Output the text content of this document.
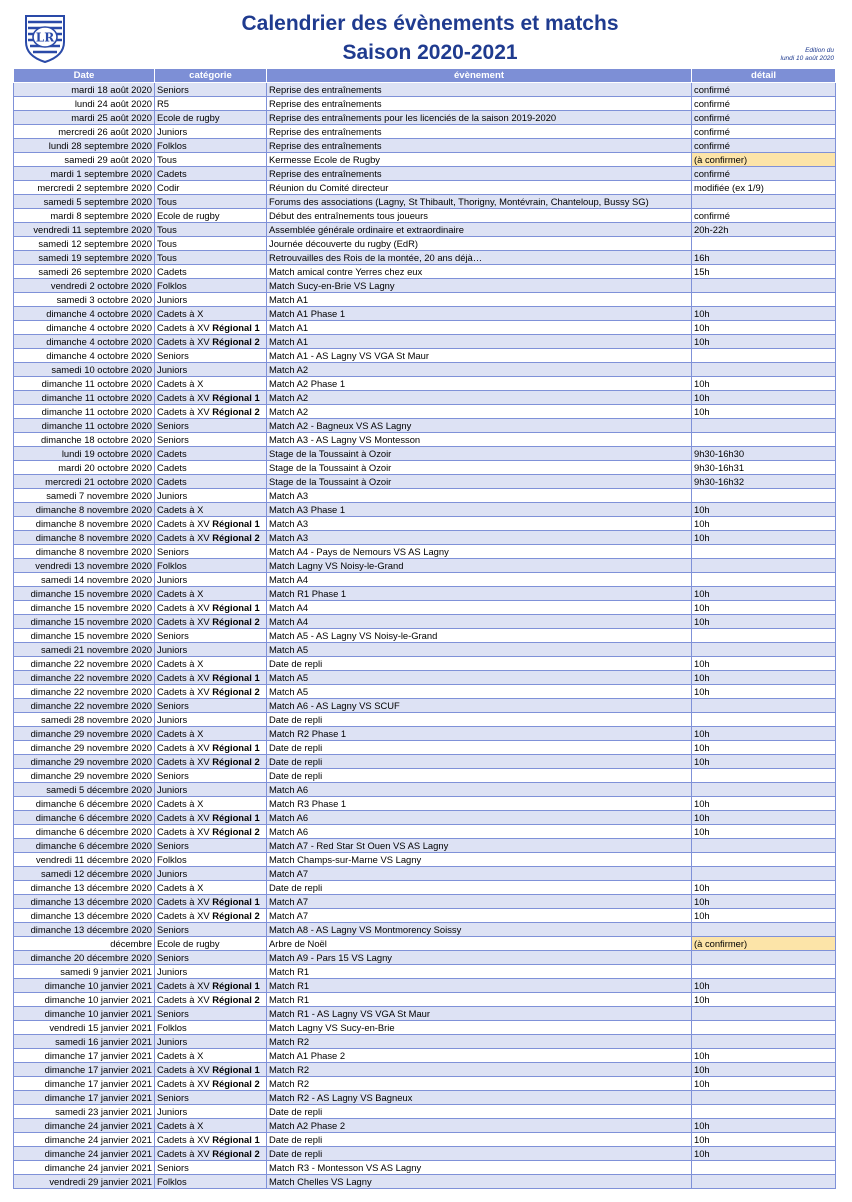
LR
Calendrier des évènements et matchs
Saison 2020-2021	Edition du
lundi 10 août 2020
Date	catégorie	évènement	détail
mardi 18 août 2020	Seniors	Reprise des entraînements	confirmé
lundi 24 août 2020	R5	Reprise des entraînements	confirmé
mardi 25 août 2020	Ecole de rugby	Reprise des entraînements pour les licenciés de la saison 2019-2020	confirmé
mercredi 26 août 2020	Juniors	Reprise des entraînements	confirmé
lundi 28 septembre 2020	Folklos	Reprise des entraînements	confirmé
samedi 29 août 2020	Tous	Kermesse Ecole de Rugby	(à confirmer)
mardi 1 septembre 2020	Cadets	Reprise des entraînements	confirmé
mercredi 2 septembre 2020	Codir	Réunion du Comité directeur	modifiée (ex 1/9)
samedi 5 septembre 2020	Tous	Forums des associations (Lagny, St Thibault, Thorigny, Montévrain, Chanteloup, Bussy SG)	
mardi 8 septembre 2020	Ecole de rugby	Début des entraînements tous joueurs	confirmé
vendredi 11 septembre 2020	Tous	Assemblée générale ordinaire et extraordinaire	20h-22h
samedi 12 septembre 2020	Tous	Journée découverte du rugby (EdR)	
samedi 19 septembre 2020	Tous	Retrouvailles des Rois de la montée, 20 ans déjà…	16h
samedi 26 septembre 2020	Cadets	Match amical contre Yerres chez eux	15h
vendredi 2 octobre 2020	Folklos	Match Sucy-en-Brie VS Lagny	
samedi 3 octobre 2020	Juniors	Match A1	
dimanche 4 octobre 2020	Cadets à X	Match A1 Phase 1	10h
dimanche 4 octobre 2020	Cadets à XV Régional 1	Match A1	10h
dimanche 4 octobre 2020	Cadets à XV Régional 2	Match A1	10h
dimanche 4 octobre 2020	Seniors	Match A1 - AS Lagny VS VGA St Maur	
samedi 10 octobre 2020	Juniors	Match A2	
dimanche 11 octobre 2020	Cadets à X	Match A2 Phase 1	10h
dimanche 11 octobre 2020	Cadets à XV Régional 1	Match A2	10h
dimanche 11 octobre 2020	Cadets à XV Régional 2	Match A2	10h
dimanche 11 octobre 2020	Seniors	Match A2 - Bagneux VS AS Lagny	
dimanche 18 octobre 2020	Seniors	Match A3 - AS Lagny VS Montesson	
lundi 19 octobre 2020	Cadets	Stage de la Toussaint à Ozoir	9h30-16h30
mardi 20 octobre 2020	Cadets	Stage de la Toussaint à Ozoir	9h30-16h31
mercredi 21 octobre 2020	Cadets	Stage de la Toussaint à Ozoir	9h30-16h32
samedi 7 novembre 2020	Juniors	Match A3	
dimanche 8 novembre 2020	Cadets à X	Match A3 Phase 1	10h
dimanche 8 novembre 2020	Cadets à XV Régional 1	Match A3	10h
dimanche 8 novembre 2020	Cadets à XV Régional 2	Match A3	10h
dimanche 8 novembre 2020	Seniors	Match A4 - Pays de Nemours VS AS Lagny	
vendredi 13 novembre 2020	Folklos	Match Lagny VS Noisy-le-Grand	
samedi 14 novembre 2020	Juniors	Match A4	
dimanche 15 novembre 2020	Cadets à X	Match R1 Phase 1	10h
dimanche 15 novembre 2020	Cadets à XV Régional 1	Match A4	10h
dimanche 15 novembre 2020	Cadets à XV Régional 2	Match A4	10h
dimanche 15 novembre 2020	Seniors	Match A5 - AS Lagny VS Noisy-le-Grand	
samedi 21 novembre 2020	Juniors	Match A5	
dimanche 22 novembre 2020	Cadets à X	Date de repli	10h
dimanche 22 novembre 2020	Cadets à XV Régional 1	Match A5	10h
dimanche 22 novembre 2020	Cadets à XV Régional 2	Match A5	10h
dimanche 22 novembre 2020	Seniors	Match A6 - AS Lagny VS SCUF	
samedi 28 novembre 2020	Juniors	Date de repli	
dimanche 29 novembre 2020	Cadets à X	Match R2 Phase 1	10h
dimanche 29 novembre 2020	Cadets à XV Régional 1	Date de repli	10h
dimanche 29 novembre 2020	Cadets à XV Régional 2	Date de repli	10h
dimanche 29 novembre 2020	Seniors	Date de repli	
samedi 5 décembre 2020	Juniors	Match A6	
dimanche 6 décembre 2020	Cadets à X	Match R3 Phase 1	10h
dimanche 6 décembre 2020	Cadets à XV Régional 1	Match A6	10h
dimanche 6 décembre 2020	Cadets à XV Régional 2	Match A6	10h
dimanche 6 décembre 2020	Seniors	Match A7 - Red Star St Ouen VS AS Lagny	
vendredi 11 décembre 2020	Folklos	Match Champs-sur-Marne VS Lagny	
samedi 12 décembre 2020	Juniors	Match A7	
dimanche 13 décembre 2020	Cadets à X	Date de repli	10h
dimanche 13 décembre 2020	Cadets à XV Régional 1	Match A7	10h
dimanche 13 décembre 2020	Cadets à XV Régional 2	Match A7	10h
dimanche 13 décembre 2020	Seniors	Match A8 - AS Lagny VS Montmorency Soissy	
décembre	Ecole de rugby	Arbre de Noël	(à confirmer)
dimanche 20 décembre 2020	Seniors	Match A9 - Pars 15 VS Lagny	
samedi 9 janvier 2021	Juniors	Match R1	
dimanche 10 janvier 2021	Cadets à XV Régional 1	Match R1	10h
dimanche 10 janvier 2021	Cadets à XV Régional 2	Match R1	10h
dimanche 10 janvier 2021	Seniors	Match R1 - AS Lagny VS VGA St Maur	
vendredi 15 janvier 2021	Folklos	Match Lagny VS Sucy-en-Brie	
samedi 16 janvier 2021	Juniors	Match R2	
dimanche 17 janvier 2021	Cadets à X	Match A1 Phase 2	10h
dimanche 17 janvier 2021	Cadets à XV Régional 1	Match R2	10h
dimanche 17 janvier 2021	Cadets à XV Régional 2	Match R2	10h
dimanche 17 janvier 2021	Seniors	Match R2 - AS Lagny VS Bagneux	
samedi 23 janvier 2021	Juniors	Date de repli	
dimanche 24 janvier 2021	Cadets à X	Match A2 Phase 2	10h
dimanche 24 janvier 2021	Cadets à XV Régional 1	Date de repli	10h
dimanche 24 janvier 2021	Cadets à XV Régional 2	Date de repli	10h
dimanche 24 janvier 2021	Seniors	Match R3 - Montesson VS AS Lagny	
vendredi 29 janvier 2021	Folklos	Match Chelles VS Lagny	
